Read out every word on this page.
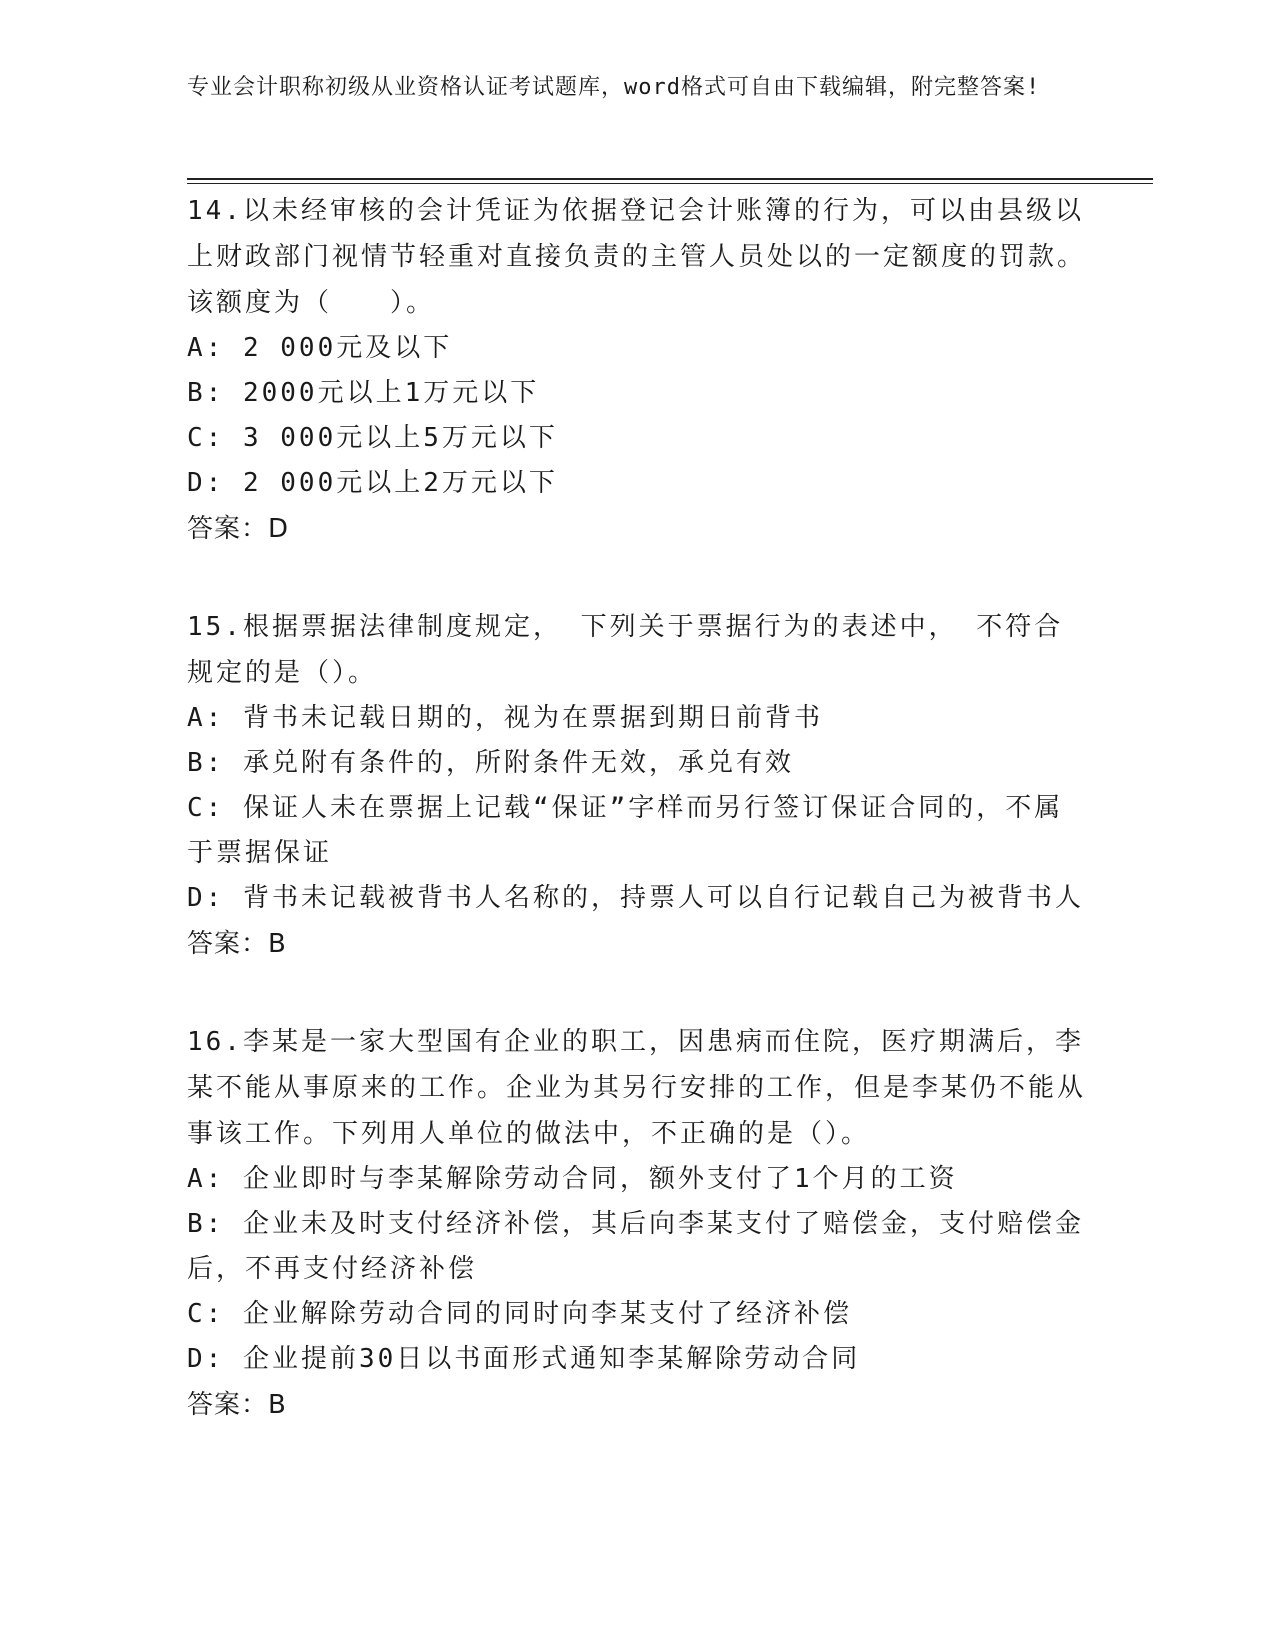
专业会计职称初级从业资格认证考试题库，word格式可自由下载编辑，附完整答案!
14.以未经审核的会计凭证为依据登记会计账簿的行为，可以由县级以上财政部门视情节轻重对直接负责的主管人员处以的一定额度的罚款。该额度为（　　）。
A: 2 000元及以下
B: 2000元以上1万元以下
C: 3 000元以上5万元以下
D: 2 000元以上2万元以下
答案：D
15.根据票据法律制度规定， 下列关于票据行为的表述中， 不符合规定的是（）。
A: 背书未记载日期的，视为在票据到期日前背书
B: 承兑附有条件的，所附条件无效，承兑有效
C: 保证人未在票据上记载“保证”字样而另行签订保证合同的，不属于票据保证
D: 背书未记载被背书人名称的，持票人可以自行记载自己为被背书人
答案：B
16.李某是一家大型国有企业的职工，因患病而住院，医疗期满后，李某不能从事原来的工作。企业为其另行安排的工作，但是李某仍不能从事该工作。下列用人单位的做法中，不正确的是（）。
A: 企业即时与李某解除劳动合同，额外支付了1个月的工资
B: 企业未及时支付经济补偿，其后向李某支付了赔偿金，支付赔偿金后，不再支付经济补偿
C: 企业解除劳动合同的同时向李某支付了经济补偿
D: 企业提前30日以书面形式通知李某解除劳动合同
答案：B
